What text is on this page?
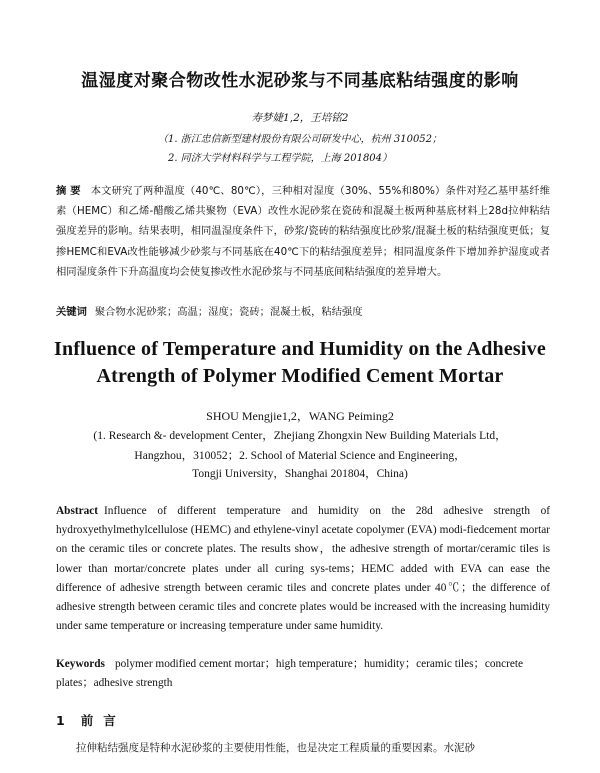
温湿度对聚合物改性水泥砂浆与不同基底粘结强度的影响
寿梦婕1,2，王培铭2
（1. 浙江忠信新型建材股份有限公司研发中心，杭州 310052；
2. 同济大学材料科学与工程学院，上海 201804）
摘 要 本文研究了两种温度（40℃、80℃），三种相对湿度（30%、55%和80%）条件对羟乙基甲基纤维素（HEMC）和乙烯-醋酸乙烯共聚物（EVA）改性水泥砂浆在瓷砖和混凝土板两种基底材料上28d拉伸粘结强度差异的影响。结果表明，相同温湿度条件下，砂浆/瓷砖的粘结强度比砂浆/混凝土板的粘结强度更低；复掺HEMC和EVA改性能够减少砂浆与不同基底在40℃下的粘结强度差异；相同温度条件下增加养护湿度或者相同湿度条件下升高温度均会使复掺改性水泥砂浆与不同基底间粘结强度的差异增大。
关键词 聚合物水泥砂浆；高温；湿度；瓷砖；混凝土板，粘结强度
Influence of Temperature and Humidity on the Adhesive
Atrength of Polymer Modified Cement Mortar
SHOU Mengjie1,2，WANG Peiming2
(1. Research &- development Center，Zhejiang Zhongxin New Building Materials Ltd，
Hangzhou，310052；2. School of Material Science and Engineering，
Tongji University，Shanghai 201804，China)
Abstract Influence of different temperature and humidity on the 28d adhesive strength of hydroxyethylmethylcellulose (HEMC) and ethylene-vinyl acetate copolymer (EVA) modi-fiedcement mortar on the ceramic tiles or concrete plates. The results show，the adhesive strength of mortar/ceramic tiles is lower than mortar/concrete plates under all curing sys-tems；HEMC added with EVA can ease the difference of adhesive strength between ceramic tiles and concrete plates under 40℃；the difference of adhesive strength between ceramic tiles and concrete plates would be increased with the increasing humidity under same temperature or increasing temperature under same humidity.
Keywords polymer modified cement mortar；high temperature；humidity；ceramic tiles；concrete plates；adhesive strength
1 前言
拉伸粘结强度是特种水泥砂浆的主要使用性能，也是决定工程质量的重要因素。水泥砂
